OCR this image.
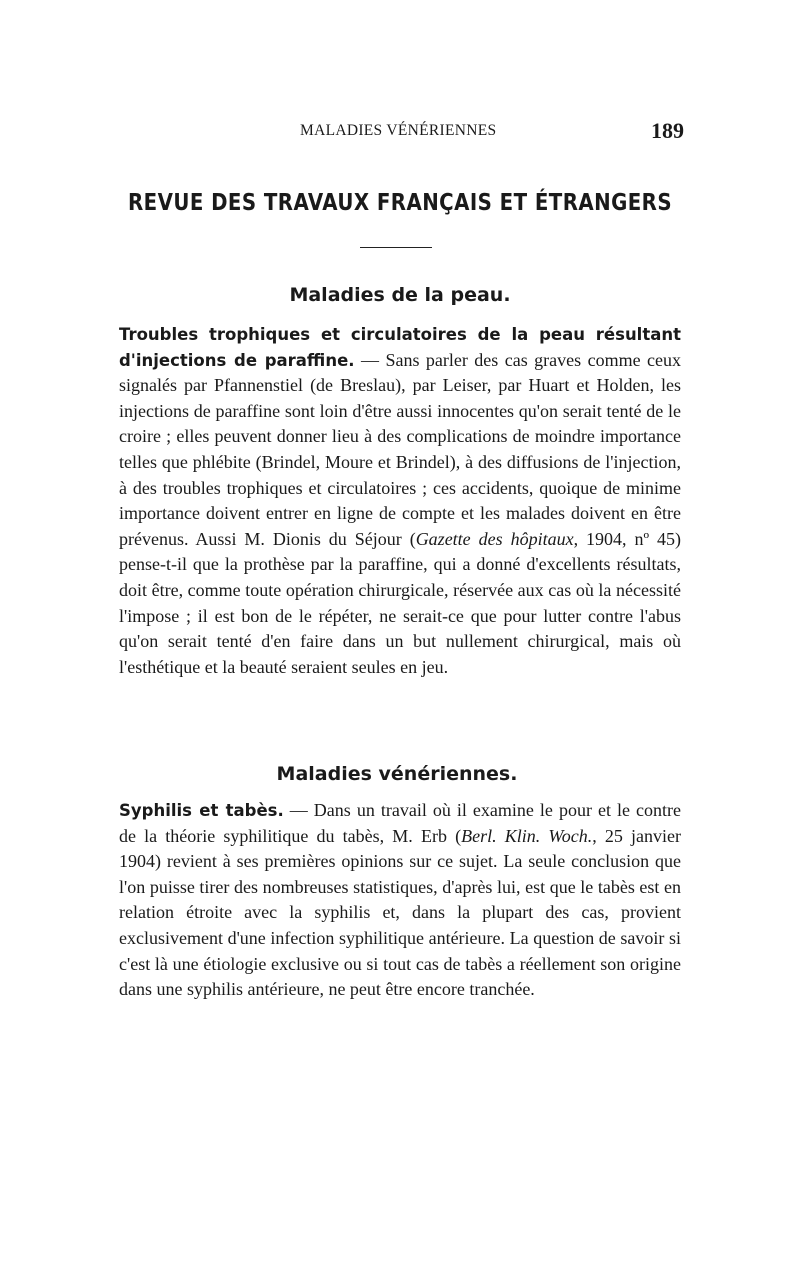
MALADIES VÉNÉRIENNES	189
REVUE DES TRAVAUX FRANÇAIS ET ÉTRANGERS
Maladies de la peau.

Troubles trophiques et circulatoires de la peau résultant d'injections de paraffine. — Sans parler des cas graves comme ceux signalés par Pfannenstiel (de Breslau), par Leiser, par Huart et Holden, les injections de paraffine sont loin d'être aussi innocentes qu'on serait tenté de le croire ; elles peuvent donner lieu à des complications de moindre importance telles que phlébite (Brindel, Moure et Brindel), à des diffusions de l'injection, à des troubles trophiques et circulatoires ; ces accidents, quoique de minime importance doivent entrer en ligne de compte et les malades doivent en être prévenus. Aussi M. Dionis du Séjour (Gazette des hôpitaux, 1904, nº 45) pense-t-il que la prothèse par la paraffine, qui a donné d'excellents résultats, doit être, comme toute opération chirurgicale, réservée aux cas où la nécessité l'impose ; il est bon de le répéter, ne serait-ce que pour lutter contre l'abus qu'on serait tenté d'en faire dans un but nullement chirurgical, mais où l'esthétique et la beauté seraient seules en jeu.

Maladies vénériennes.

Syphilis et tabès. — Dans un travail où il examine le pour et le contre de la théorie syphilitique du tabès, M. Erb (Berl. Klin. Woch., 25 janvier 1904) revient à ses premières opinions sur ce sujet. La seule conclusion que l'on puisse tirer des nombreuses statistiques, d'après lui, est que le tabès est en relation étroite avec la syphilis et, dans la plupart des cas, provient exclusivement d'une infection syphilitique antérieure. La question de savoir si c'est là une étiologie exclusive ou si tout cas de tabès a réellement son origine dans une syphilis antérieure, ne peut être encore tranchée.
